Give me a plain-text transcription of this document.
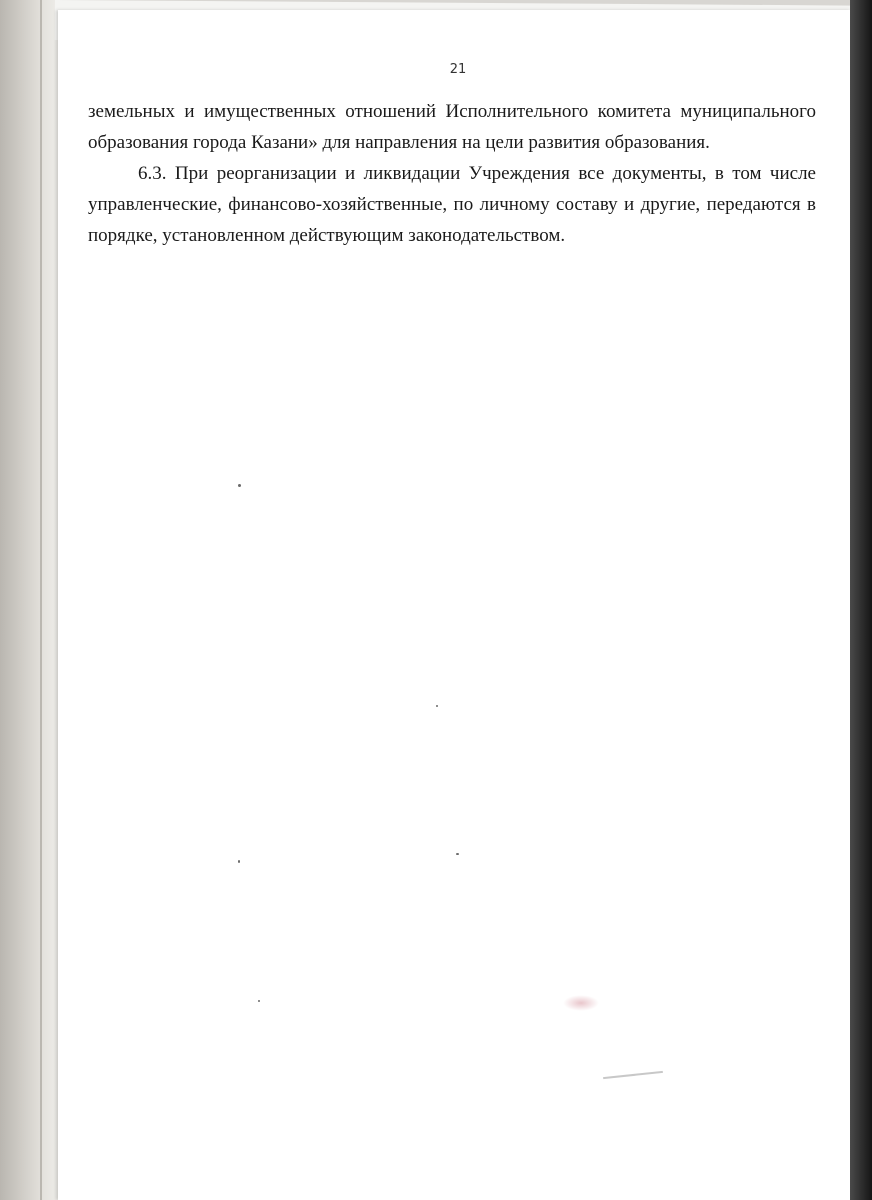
21

земельных и имущественных отношений Исполнительного комитета муниципального образования города Казани» для направления на цели развития образования.

6.3. При реорганизации и ликвидации Учреждения все документы, в том числе управленческие, финансово-хозяйственные, по личному составу и другие, передаются в порядке, установленном действующим законодательством.
